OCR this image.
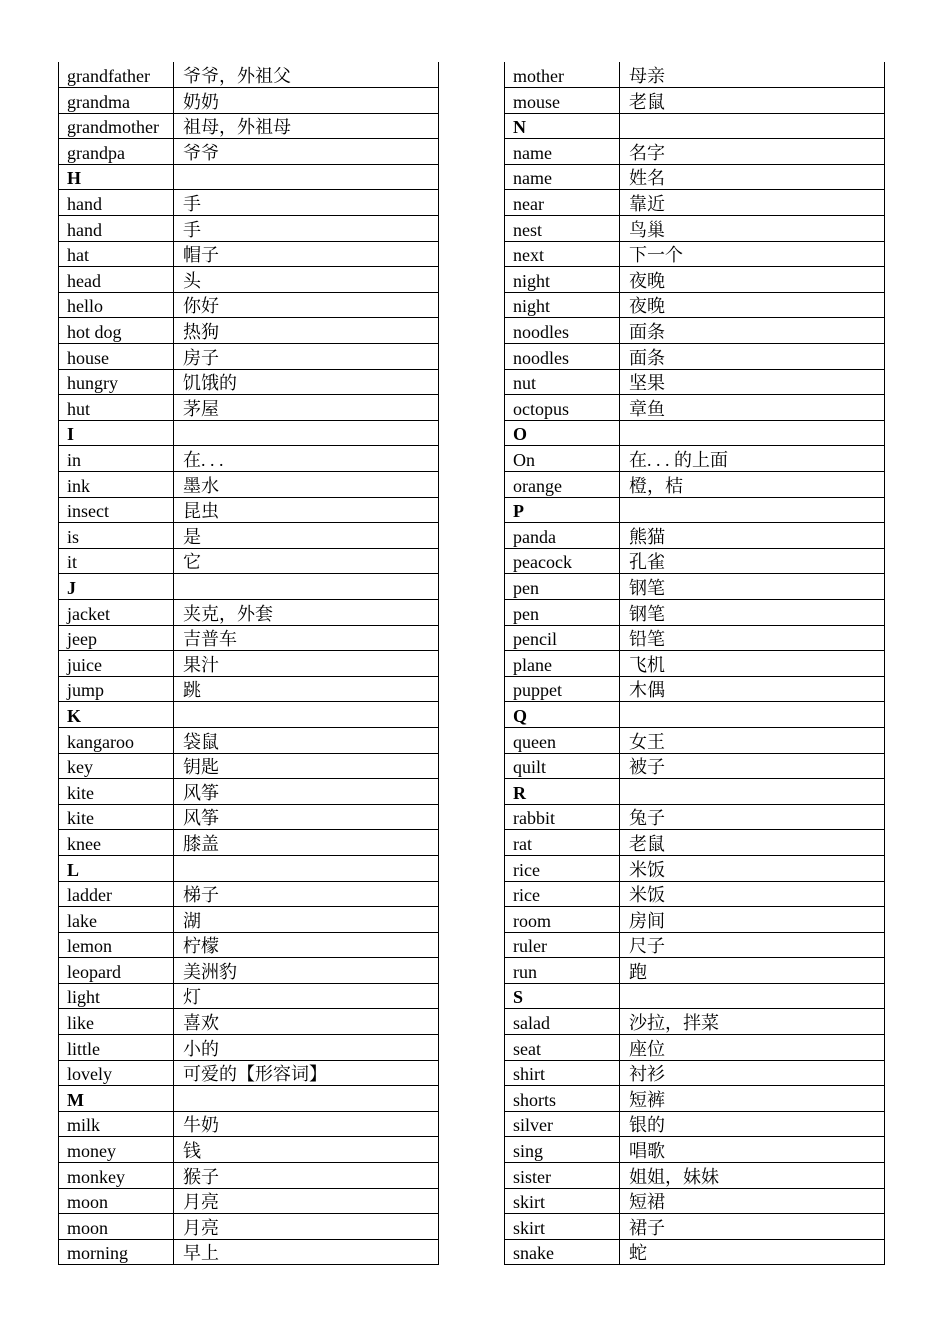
grandfather	爷爷，外祖父
grandma	奶奶
grandmother	祖母，外祖母
grandpa	爷爷
H	
hand	手
hand	手
hat	帽子
head	头
hello	你好
hot dog	热狗
house	房子
hungry	饥饿的
hut	茅屋
I	
in	在. . .
ink	墨水
insect	昆虫
is	是
it	它
J	
jacket	夹克，外套
jeep	吉普车
juice	果汁
jump	跳
K	
kangaroo	袋鼠
key	钥匙
kite	风筝
kite	风筝
knee	膝盖
L	
ladder	梯子
lake	湖
lemon	柠檬
leopard	美洲豹
light	灯
like	喜欢
little	小的
lovely	可爱的【形容词】
M	
milk	牛奶
money	钱
monkey	猴子
moon	月亮
moon	月亮
morning	早上
mother	母亲
mouse	老鼠
N	
name	名字
name	姓名
near	靠近
nest	鸟巢
next	下一个
night	夜晚
night	夜晚
noodles	面条
noodles	面条
nut	坚果
octopus	章鱼
O	
On	在. . . 的上面
orange	橙，桔
P	
panda	熊猫
peacock	孔雀
pen	钢笔
pen	钢笔
pencil	铅笔
plane	飞机
puppet	木偶
Q	
queen	女王
quilt	被子
R	
rabbit	兔子
rat	老鼠
rice	米饭
rice	米饭
room	房间
ruler	尺子
run	跑
S	
salad	沙拉，拌菜
seat	座位
shirt	衬衫
shorts	短裤
silver	银的
sing	唱歌
sister	姐姐，妹妹
skirt	短裙
skirt	裙子
snake	蛇
